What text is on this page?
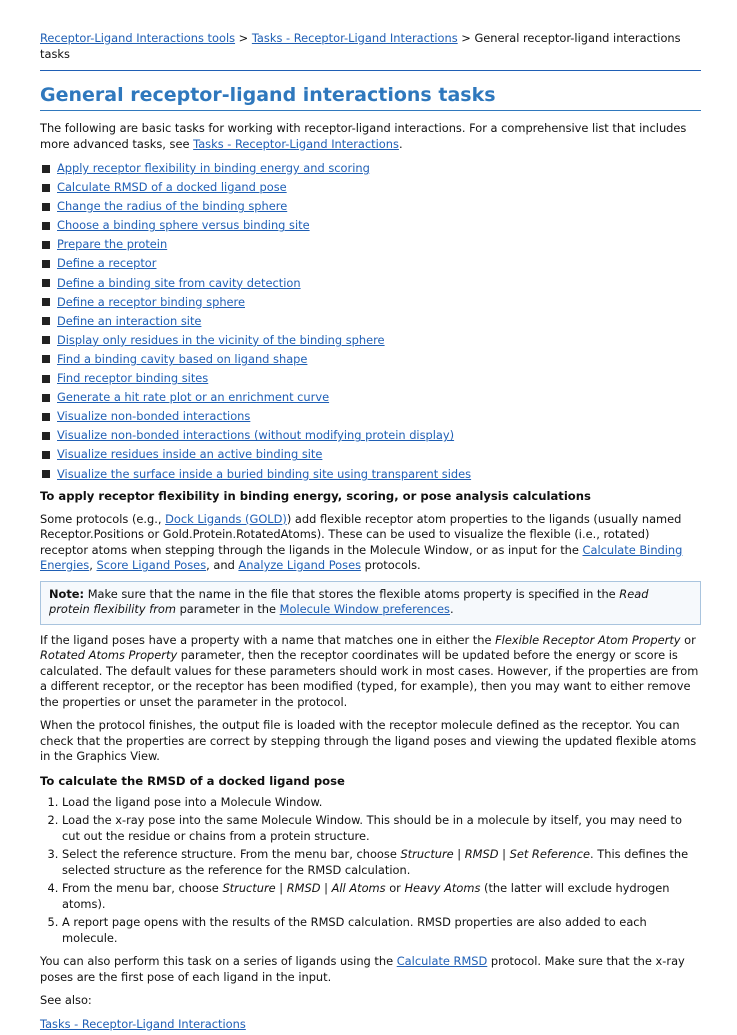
Receptor-Ligand Interactions tools > Tasks - Receptor-Ligand Interactions > General receptor-ligand interactions tasks
General receptor-ligand interactions tasks

The following are basic tasks for working with receptor-ligand interactions. For a comprehensive list that includes more advanced tasks, see Tasks - Receptor-Ligand Interactions.

Apply receptor flexibility in binding energy and scoring
Calculate RMSD of a docked ligand pose
Change the radius of the binding sphere
Choose a binding sphere versus binding site
Prepare the protein
Define a receptor
Define a binding site from cavity detection
Define a receptor binding sphere
Define an interaction site
Display only residues in the vicinity of the binding sphere
Find a binding cavity based on ligand shape
Find receptor binding sites
Generate a hit rate plot or an enrichment curve
Visualize non-bonded interactions
Visualize non-bonded interactions (without modifying protein display)
Visualize residues inside an active binding site
Visualize the surface inside a buried binding site using transparent sides
To apply receptor flexibility in binding energy, scoring, or pose analysis calculations

Some protocols (e.g., Dock Ligands (GOLD)) add flexible receptor atom properties to the ligands (usually named Receptor.Positions or Gold.Protein.RotatedAtoms). These can be used to visualize the flexible (i.e., rotated) receptor atoms when stepping through the ligands in the Molecule Window, or as input for the Calculate Binding Energies, Score Ligand Poses, and Analyze Ligand Poses protocols.

Note: Make sure that the name in the file that stores the flexible atoms property is specified in the Read protein flexibility from parameter in the Molecule Window preferences.

If the ligand poses have a property with a name that matches one in either the Flexible Receptor Atom Property or Rotated Atoms Property parameter, then the receptor coordinates will be updated before the energy or score is calculated. The default values for these parameters should work in most cases. However, if the properties are from a different receptor, or the receptor has been modified (typed, for example), then you may want to either remove the properties or unset the parameter in the protocol.

When the protocol finishes, the output file is loaded with the receptor molecule defined as the receptor. You can check that the properties are correct by stepping through the ligand poses and viewing the updated flexible atoms in the Graphics View.

To calculate the RMSD of a docked ligand pose
1. Load the ligand pose into a Molecule Window.
2. Load the x-ray pose into the same Molecule Window. This should be in a molecule by itself, you may need to cut out the residue or chains from a protein structure.
3. Select the reference structure. From the menu bar, choose Structure | RMSD | Set Reference. This defines the selected structure as the reference for the RMSD calculation.
4. From the menu bar, choose Structure | RMSD | All Atoms or Heavy Atoms (the latter will exclude hydrogen atoms).
5. A report page opens with the results of the RMSD calculation. RMSD properties are also added to each molecule.

You can also perform this task on a series of ligands using the Calculate RMSD protocol. Make sure that the x-ray poses are the first pose of each ligand in the input.

See also:

Tasks - Receptor-Ligand Interactions
